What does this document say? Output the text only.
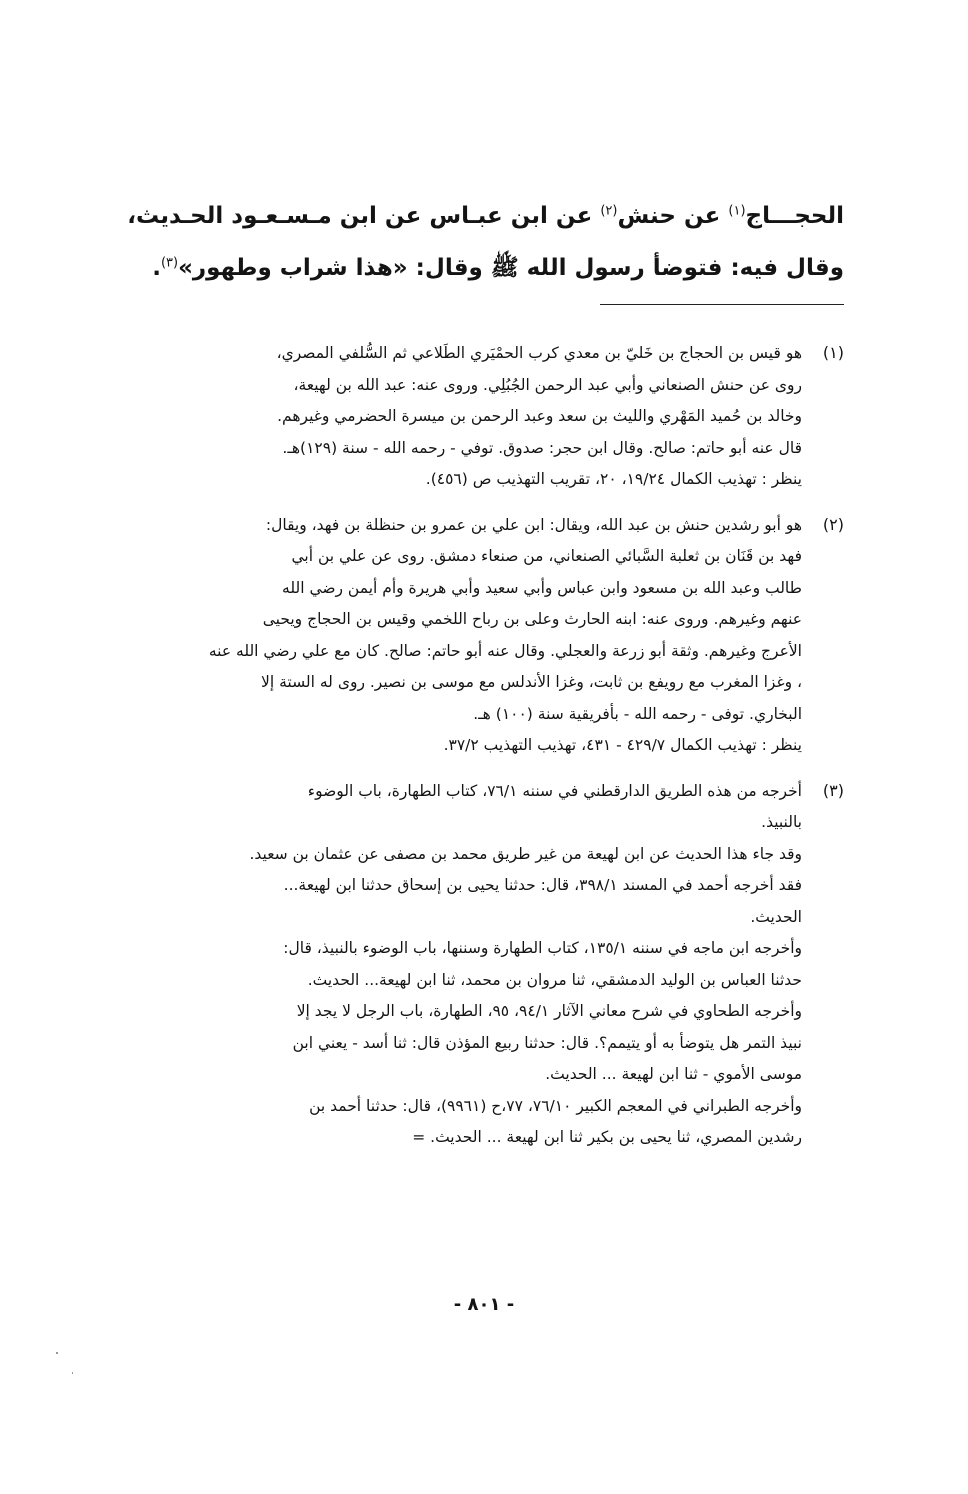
الحجـــاج$^{(١)}$ عن حنش$^{(٢)}$ عن ابن عبـاس عن ابن مـسـعـود الحـديث،
وقال فيه: فتوضأ رسول الله ﷺ وقال: «هذا شراب وطهور»$^{(٣)}$.
(١)
هو قيس بن الحجاج بن خَليّ بن معدي كرب الحمْيَري الطَلاعي ثم السُّلفي المصري،
روى عن حنش الصنعاني وأبي عبد الرحمن الجُبُلِي. وروى عنه: عبد الله بن لهيعة،
وخالد بن حُميد المَهْري والليث بن سعد وعبد الرحمن بن ميسرة الحضرمي وغيرهم.
قال عنه أبو حاتم: صالح. وقال ابن حجر: صدوق. توفي - رحمه الله - سنة (١٢٩)هـ.
ينظر : تهذيب الكمال ١٩/٢٤، ٢٠، تقريب التهذيب ص (٤٥٦).
(٢)
هو أبو رشدين حنش بن عبد الله، ويقال: ابن علي بن عمرو بن حنظلة بن فهد، ويقال:
فهد بن قَنَان بن ثعلبة السَّبائي الصنعاني، من صنعاء دمشق. روى عن علي بن أبي
طالب وعبد الله بن مسعود وابن عباس وأبي سعيد وأبي هريرة وأم أيمن رضي الله
عنهم وغيرهم. وروى عنه: ابنه الحارث وعلى بن رباح اللخمي وقيس بن الحجاج ويحيى
الأعرج وغيرهم. وثقة أبو زرعة والعجلي. وقال عنه أبو حاتم: صالح. كان مع علي رضي الله عنه
، وغزا المغرب مع رويفع بن ثابت، وغزا الأندلس مع موسى بن نصير. روى له الستة إلا
البخاري. توفى - رحمه الله - بأفريقية سنة (١٠٠) هـ.
ينظر : تهذيب الكمال ٤٢٩/٧ - ٤٣١، تهذيب التهذيب ٣٧/٢.
(٣)
أخرجه من هذه الطريق الدارقطني في سننه ٧٦/١، كتاب الطهارة، باب الوضوء
بالنبيذ.
وقد جاء هذا الحديث عن ابن لهيعة من غير طريق محمد بن مصفى عن عثمان بن سعيد.
فقد أخرجه أحمد في المسند ٣٩٨/١، قال: حدثنا يحيى بن إسحاق حدثنا ابن لهيعة...
الحديث.
وأخرجه ابن ماجه في سننه ١٣٥/١، كتاب الطهارة وسننها، باب الوضوء بالنبيذ، قال:
حدثنا العباس بن الوليد الدمشقي، ثنا مروان بن محمد، ثنا ابن لهيعة... الحديث.
وأخرجه الطحاوي في شرح معاني الآثار ٩٤/١، ٩٥، الطهارة، باب الرجل لا يجد إلا
نبيذ التمر هل يتوضأ به أو يتيمم؟. قال: حدثنا ربيع المؤذن قال: ثنا أسد - يعني ابن
موسى الأموي - ثنا ابن لهيعة ... الحديث.
وأخرجه الطبراني في المعجم الكبير ٧٦/١٠، ٧٧،ح (٩٩٦١)، قال: حدثنا أحمد بن
رشدين المصري، ثنا يحيى بن بكير ثنا ابن لهيعة ... الحديث. =
- ٨٠١ -
